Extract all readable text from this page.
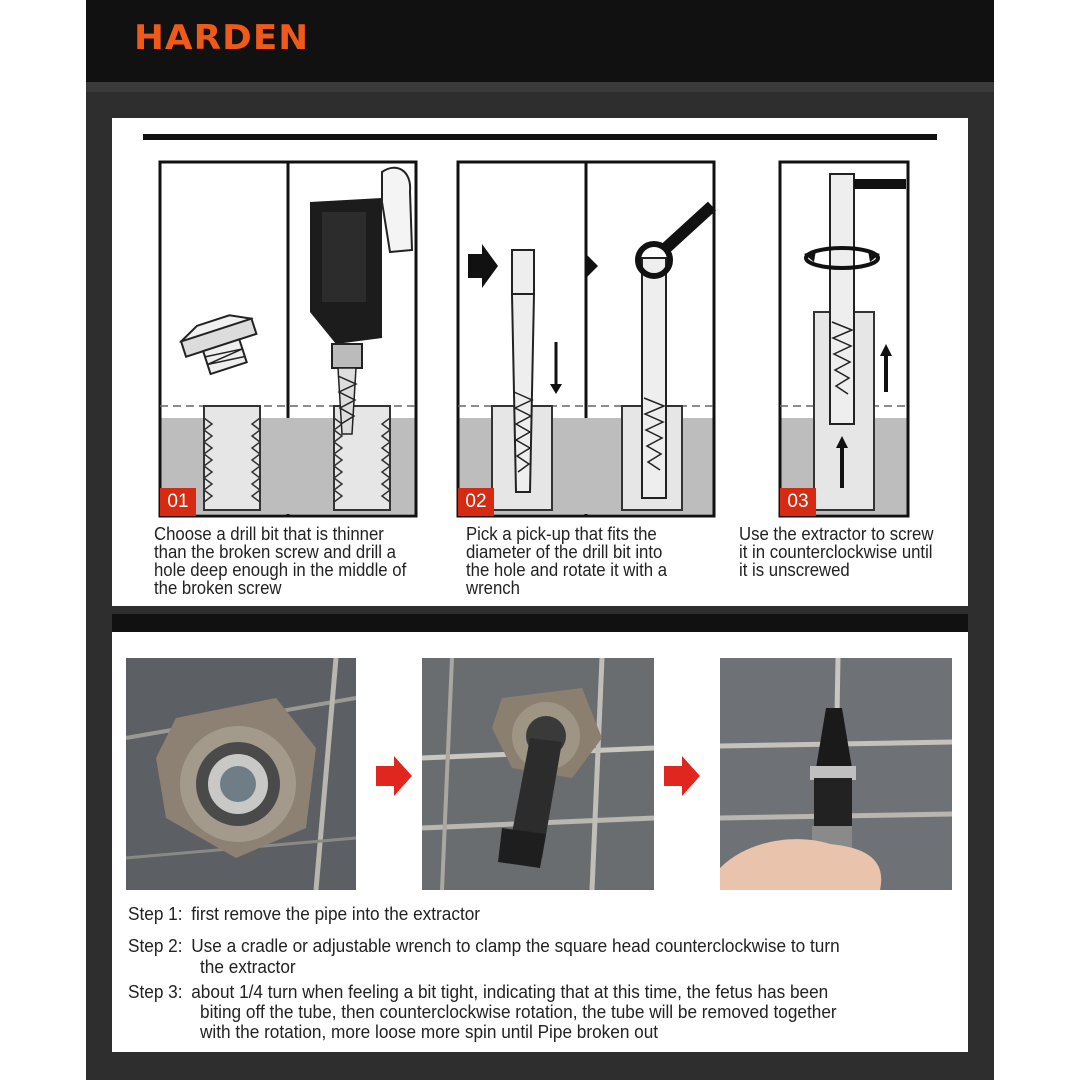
HARDEN
01	02	03
Choose a drill bit that is thinner
than the broken screw and drill a
hole deep enough in the middle of
the broken screw
Pick a pick-up that fits the
diameter of the drill bit into
the hole and rotate it with a
wrench
Use the extractor to screw
it in counterclockwise until
it is unscrewed
Step 1: first remove the pipe into the extractor
Step 2: Use a cradle or adjustable wrench to clamp the square head counterclockwise to turn
the extractor
Step 3: about 1/4 turn when feeling a bit tight, indicating that at this time, the fetus has been
biting off the tube, then counterclockwise rotation, the tube will be removed together
with the rotation, more loose more spin until Pipe broken out
